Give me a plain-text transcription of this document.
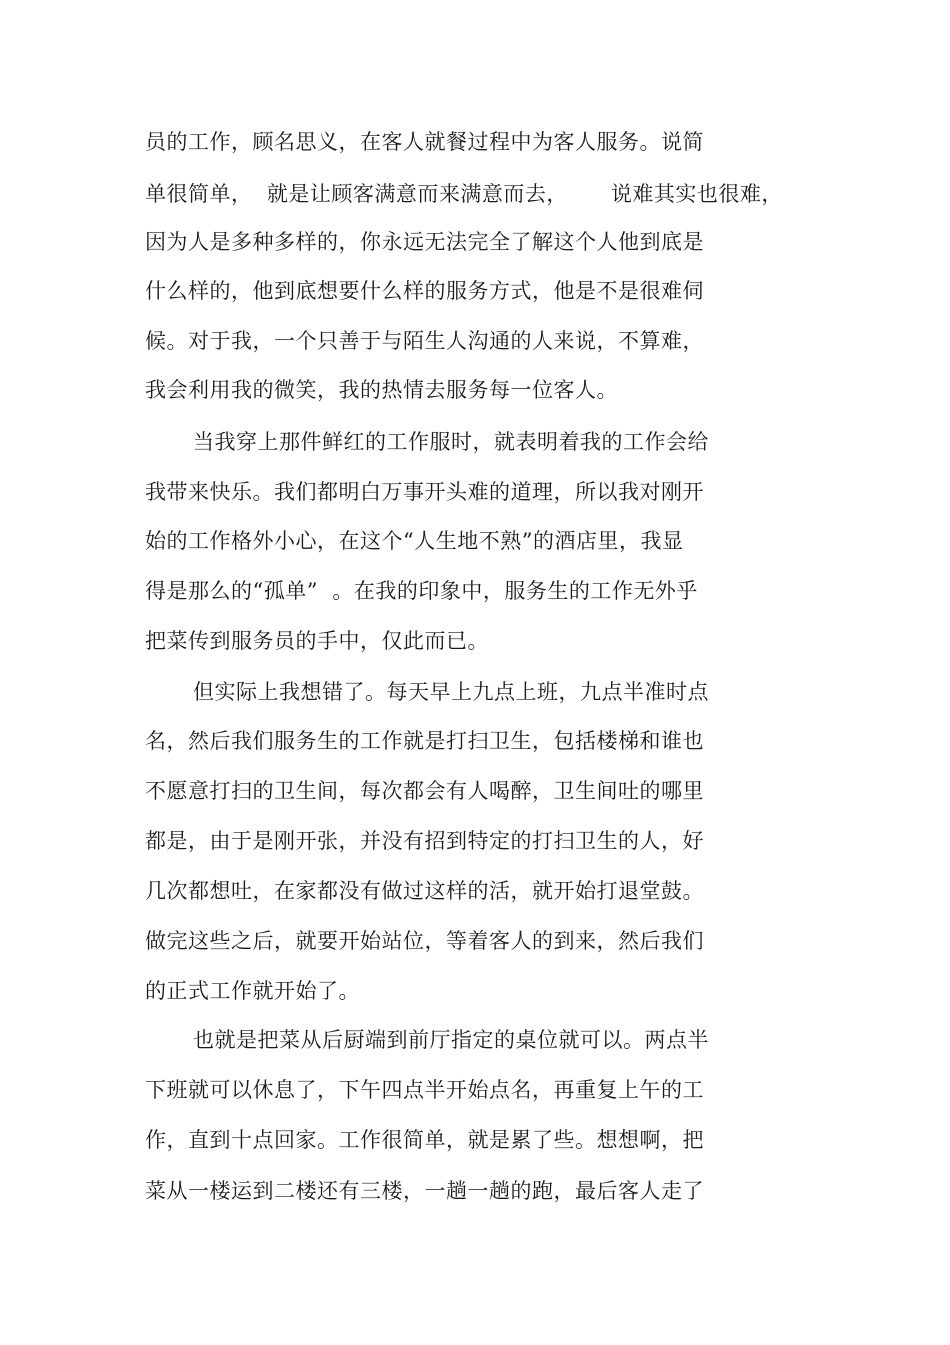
员的工作，顾名思义，在客人就餐过程中为客人服务。说简
单很简单，  就是让顾客满意而来满意而去，      说难其实也很难，
因为人是多种多样的，你永远无法完全了解这个人他到底是
什么样的，他到底想要什么样的服务方式，他是不是很难伺
候。对于我，一个只善于与陌生人沟通的人来说，不算难，
我会利用我的微笑，我的热情去服务每一位客人。
当我穿上那件鲜红的工作服时，就表明着我的工作会给
我带来快乐。我们都明白万事开头难的道理，所以我对刚开
始的工作格外小心，在这个“人生地不熟”的酒店里，我显
得是那么的“孤单”  。在我的印象中，服务生的工作无外乎
把菜传到服务员的手中，仅此而已。
但实际上我想错了。每天早上九点上班，九点半准时点
名，然后我们服务生的工作就是打扫卫生，包括楼梯和谁也
不愿意打扫的卫生间，每次都会有人喝醉，卫生间吐的哪里
都是，由于是刚开张，并没有招到特定的打扫卫生的人，好
几次都想吐，在家都没有做过这样的活，就开始打退堂鼓。
做完这些之后，就要开始站位，等着客人的到来，然后我们
的正式工作就开始了。
也就是把菜从后厨端到前厅指定的桌位就可以。两点半
下班就可以休息了，下午四点半开始点名，再重复上午的工
作，直到十点回家。工作很简单，就是累了些。想想啊，把
菜从一楼运到二楼还有三楼，一趟一趟的跑，最后客人走了
